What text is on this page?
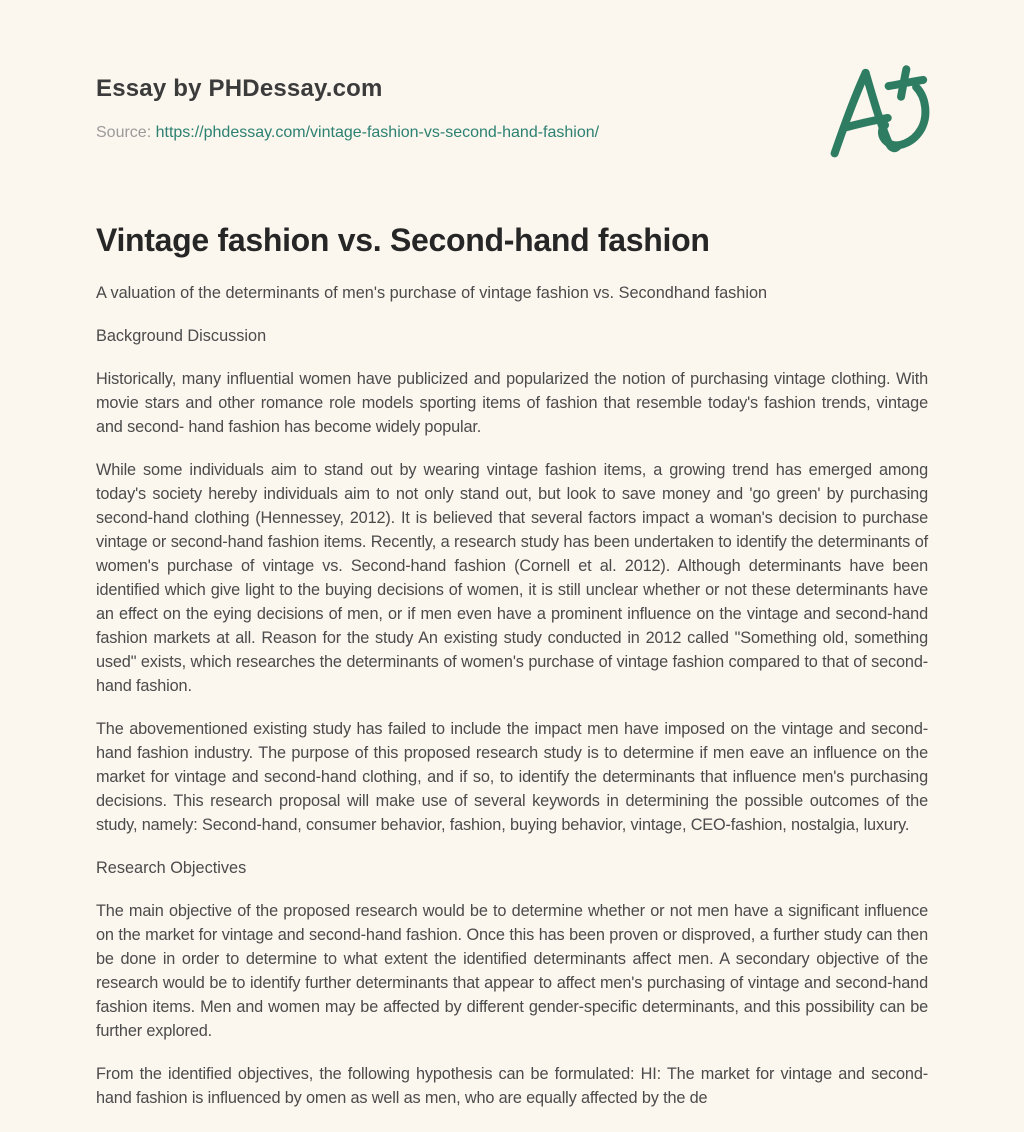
Essay by PHDessay.com

Source: https://phdessay.com/vintage-fashion-vs-second-hand-fashion/

Vintage fashion vs. Second-hand fashion

A valuation of the determinants of men's purchase of vintage fashion vs. Secondhand fashion

Background Discussion

Historically, many influential women have publicized and popularized the notion of purchasing vintage clothing. With movie stars and other romance role models sporting items of fashion that resemble today's fashion trends, vintage and second- hand fashion has become widely popular.

While some individuals aim to stand out by wearing vintage fashion items, a growing trend has emerged among today's society hereby individuals aim to not only stand out, but look to save money and 'go green' by purchasing second-hand clothing (Hennessey, 2012). It is believed that several factors impact a woman's decision to purchase vintage or second-hand fashion items. Recently, a research study has been undertaken to identify the determinants of women's purchase of vintage vs. Second-hand fashion (Cornell et al. 2012). Although determinants have been identified which give light to the buying decisions of women, it is still unclear whether or not these determinants have an effect on the eying decisions of men, or if men even have a prominent influence on the vintage and second-hand fashion markets at all. Reason for the study An existing study conducted in 2012 called "Something old, something used" exists, which researches the determinants of women's purchase of vintage fashion compared to that of second-hand fashion.

The abovementioned existing study has failed to include the impact men have imposed on the vintage and second-hand fashion industry. The purpose of this proposed research study is to determine if men eave an influence on the market for vintage and second-hand clothing, and if so, to identify the determinants that influence men's purchasing decisions. This research proposal will make use of several keywords in determining the possible outcomes of the study, namely: Second-hand, consumer behavior, fashion, buying behavior, vintage, CEO-fashion, nostalgia, luxury.

Research Objectives

The main objective of the proposed research would be to determine whether or not men have a significant influence on the market for vintage and second-hand fashion. Once this has been proven or disproved, a further study can then be done in order to determine to what extent the identified determinants affect men. A secondary objective of the research would be to identify further determinants that appear to affect men's purchasing of vintage and second-hand fashion items. Men and women may be affected by different gender-specific determinants, and this possibility can be further explored.

From the identified objectives, the following hypothesis can be formulated: HI: The market for vintage and second-hand fashion is influenced by omen as well as men, who are equally affected by the de
